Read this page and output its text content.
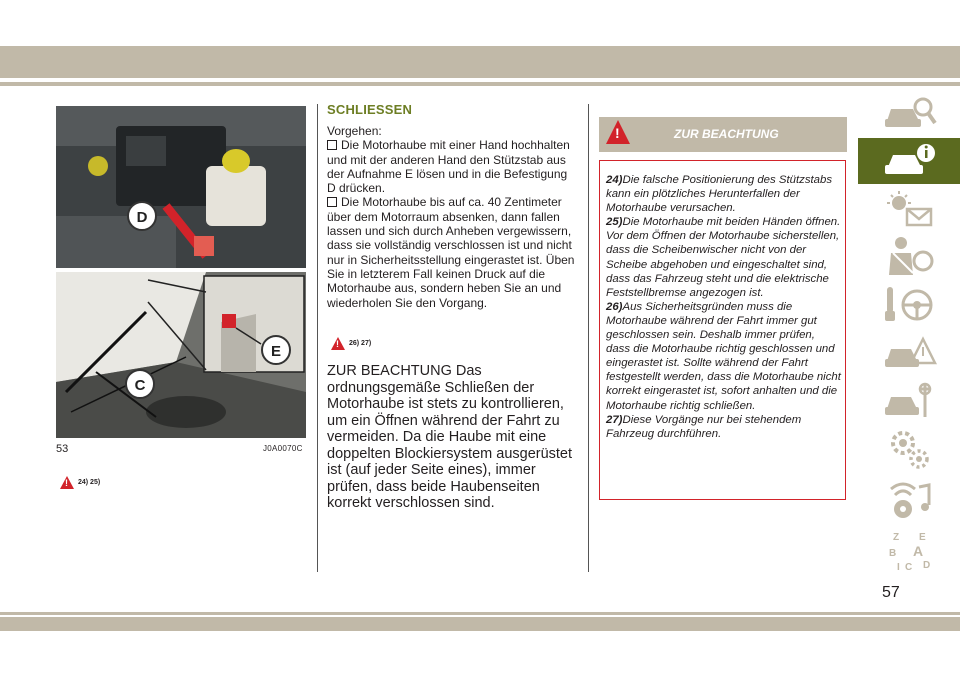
D
E
C
53	J0A0070C
!
24) 25)
SCHLIESSEN

Vorgehen:

Die Motorhaube mit einer Hand hochhalten und mit der anderen Hand den Stützstab aus der Aufnahme E lösen und in die Befestigung D drücken.

Die Motorhaube bis auf ca. 40 Zentimeter über dem Motorraum absenken, dann fallen lassen und sich durch Anheben vergewissern, dass sie vollständig verschlossen ist und nicht nur in Sicherheitsstellung eingerastet ist. Üben Sie in letzterem Fall keinen Druck auf die Motorhaube aus, sondern heben Sie an und wiederholen Sie den Vorgang.

!
26) 27)
ZUR BEACHTUNG Das ordnungsgemäße Schließen der Motorhaube ist stets zu kontrollieren, um ein Öffnen während der Fahrt zu vermeiden. Da die Haube mit eine doppelten Blockiersystem ausgerüstet ist (auf jeder Seite eines), immer prüfen, dass beide Haubenseiten korrekt verschlossen sind.
!
ZUR BEACHTUNG

24)Die falsche Positionierung des Stützstabs kann ein plötzliches Herunterfallen der Motorhaube verursachen.

25)Die Motorhaube mit beiden Händen öffnen. Vor dem Öffnen der Motorhaube sicherstellen, dass die Scheibenwischer nicht von der Scheibe abgehoben und eingeschaltet sind, dass das Fahrzeug steht und die elektrische Feststellbremse angezogen ist.

26)Aus Sicherheitsgründen muss die Motorhaube während der Fahrt immer gut geschlossen sein. Deshalb immer prüfen, dass die Motorhaube richtig geschlossen und eingerastet ist. Sollte während der Fahrt festgestellt werden, dass die Motorhaube nicht korrekt eingerastet ist, sofort anhalten und die Motorhaube richtig schließen.

27)Diese Vorgänge nur bei stehendem Fahrzeug durchführen.

Z E
B A
I C D
57
